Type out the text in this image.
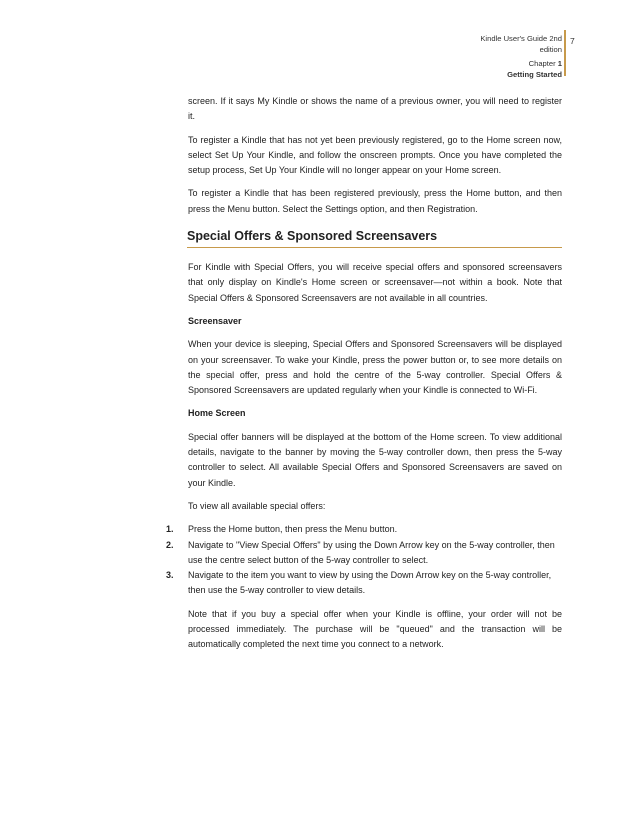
Kindle User's Guide 2nd
edition
Chapter 1
Getting Started
7

screen. If it says My Kindle or shows the name of a previous owner, you will need to register it.

To register a Kindle that has not yet been previously registered, go to the Home screen now, select Set Up Your Kindle, and follow the onscreen prompts. Once you have completed the setup process, Set Up Your Kindle will no longer appear on your Home screen.

To register a Kindle that has been registered previously, press the Home button, and then press the Menu button. Select the Settings option, and then Registration.

Special Offers & Sponsored Screensavers

For Kindle with Special Offers, you will receive special offers and sponsored screensavers that only display on Kindle's Home screen or screensaver—not within a book. Note that Special Offers & Sponsored Screensavers are not available in all countries.

Screensaver

When your device is sleeping, Special Offers and Sponsored Screensavers will be displayed on your screensaver. To wake your Kindle, press the power button or, to see more details on the special offer, press and hold the centre of the 5-way controller. Special Offers & Sponsored Screensavers are updated regularly when your Kindle is connected to Wi-Fi.

Home Screen

Special offer banners will be displayed at the bottom of the Home screen. To view additional details, navigate to the banner by moving the 5-way controller down, then press the 5-way controller to select. All available Special Offers and Sponsored Screensavers are saved on your Kindle.

To view all available special offers:

1. Press the Home button, then press the Menu button.
2. Navigate to "View Special Offers" by using the Down Arrow key on the 5-way controller, then use the centre select button of the 5-way controller to select.
3. Navigate to the item you want to view by using the Down Arrow key on the 5-way controller, then use the 5-way controller to view details.

Note that if you buy a special offer when your Kindle is offline, your order will not be processed immediately. The purchase will be "queued" and the transaction will be automatically completed the next time you connect to a network.
